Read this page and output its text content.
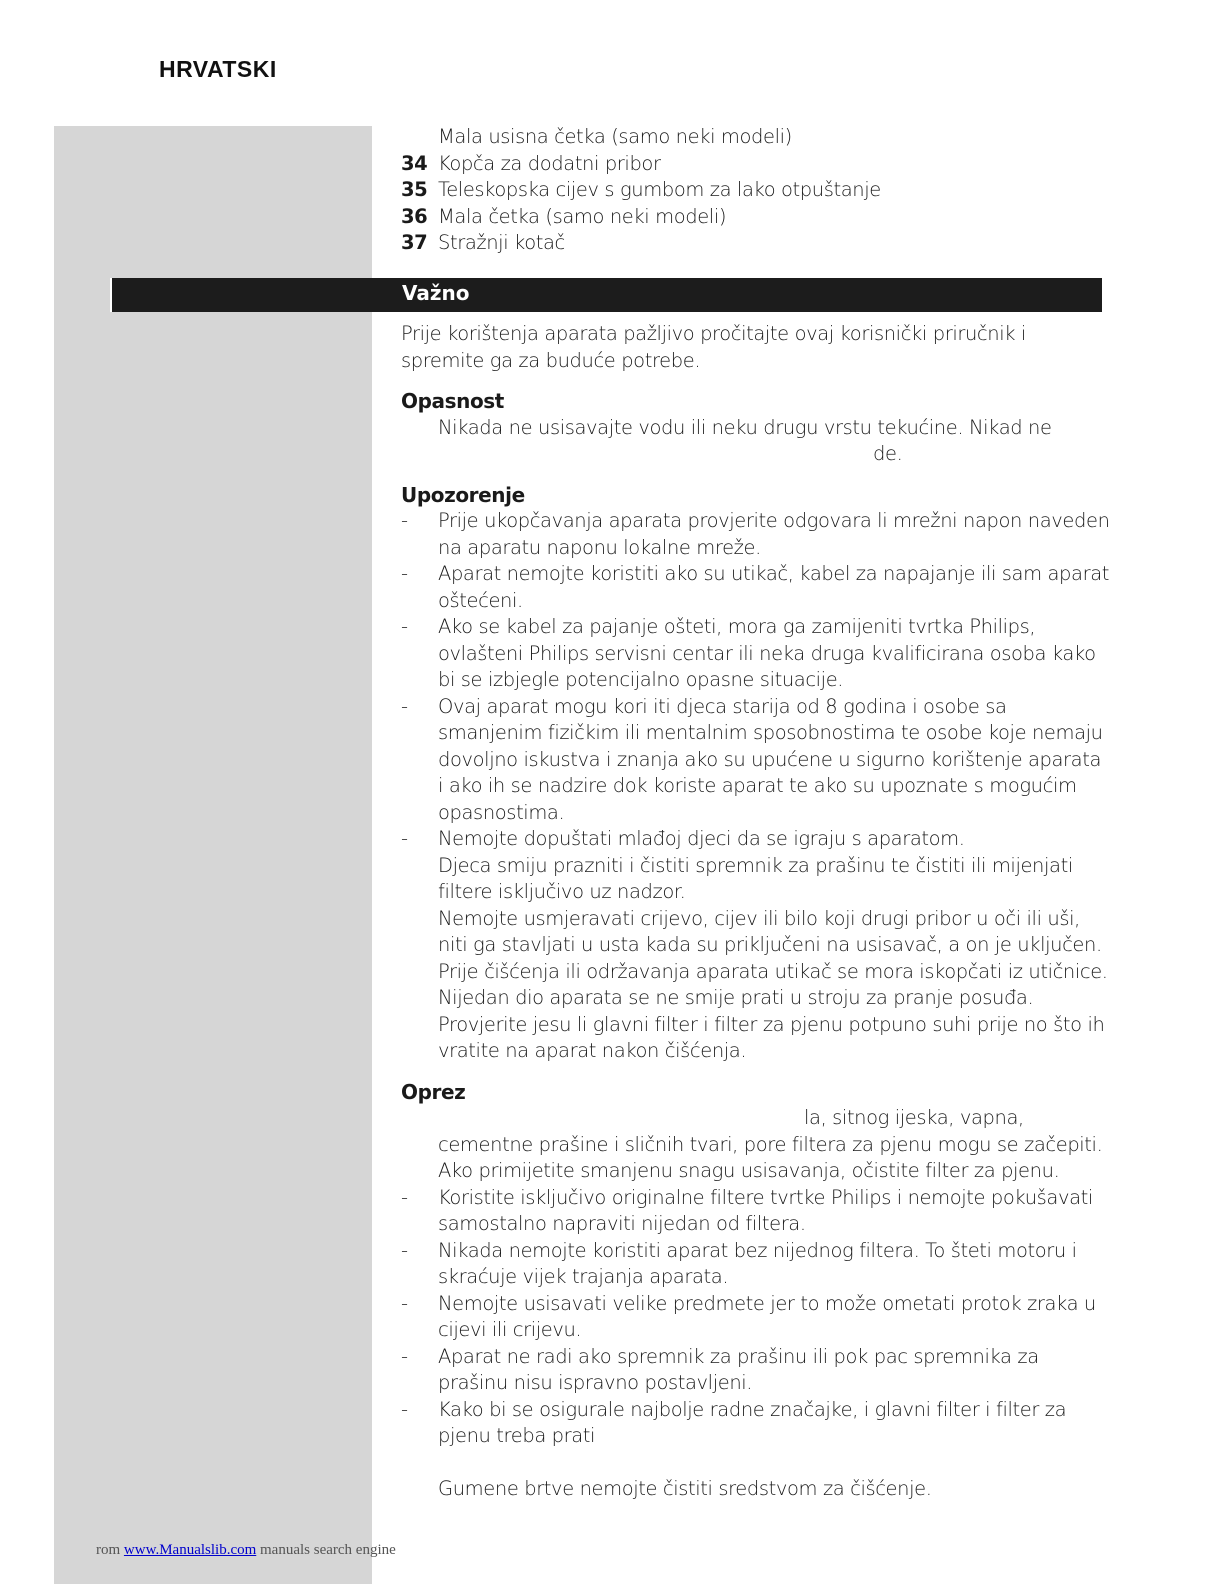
HRVATSKI
Mala usisna četka (samo neki modeli)
34 Kopča za dodatni pribor
35 Teleskopska cijev s gumbom za lako otpuštanje
36 Mala četka (samo neki modeli)
37 Stražnji kotač
Važno
Prije korištenja aparata pažljivo pročitajte ovaj korisnički priručnik i spremite ga za buduće potrebe.
Opasnost
Nikada ne usisavajte vodu ili neku drugu vrstu tekućine. Nikad ne
de.
Upozorenje
- Prije ukopčavanja aparata provjerite odgovara li mrežni napon naveden na aparatu naponu lokalne mreže.
- Aparat nemojte koristiti ako su utikač, kabel za napajanje ili sam aparat oštećeni.
- Ako se kabel za pajanje ošteti, mora ga zamijeniti tvrtka Philips, ovlašteni Philips servisni centar ili neka druga kvalificirana osoba kako bi se izbjegle potencijalno opasne situacije.
- Ovaj aparat mogu kori iti djeca starija od 8 godina i osobe sa smanjenim fizičkim ili mentalnim sposobnostima te osobe koje nemaju dovoljno iskustva i znanja ako su upućene u sigurno korištenje aparata i ako ih se nadzire dok koriste aparat te ako su upoznate s mogućim opasnostima.
- Nemojte dopuštati mlađoj djeci da se igraju s aparatom.
Djeca smiju prazniti i čistiti spremnik za prašinu te čistiti ili mijenjati filtere isključivo uz nadzor.
Nemojte usmjeravati crijevo, cijev ili bilo koji drugi pribor u oči ili uši, niti ga stavljati u usta kada su priključeni na usisavač, a on je uključen.
Prije čišćenja ili održavanja aparata utikač se mora iskopčati iz utičnice.
Nijedan dio aparata se ne smije prati u stroju za pranje posuđa.
Provjerite jesu li glavni filter i filter za pjenu potpuno suhi prije no što ih vratite na aparat nakon čišćenja.
Oprez
la, sitnog ijeska, vapna,
cementne prašine i sličnih tvari, pore filtera za pjenu mogu se začepiti.
Ako primijetite smanjenu snagu usisavanja, očistite filter za pjenu.
- Koristite isključivo originalne filtere tvrtke Philips i nemojte pokušavati samostalno napraviti nijedan od filtera.
- Nikada nemojte koristiti aparat bez nijednog filtera. To šteti motoru i skraćuje vijek trajanja aparata.
- Nemojte usisavati velike predmete jer to može ometati protok zraka u cijevi ili crijevu.
- Aparat ne radi ako spremnik za prašinu ili pok pac spremnika za prašinu nisu ispravno postavljeni.
- Kako bi se osigurale najbolje radne značajke, i glavni filter i filter za pjenu treba prati
Gumene brtve nemojte čistiti sredstvom za čišćenje.
rom www.Manualslib.com manuals search engine
